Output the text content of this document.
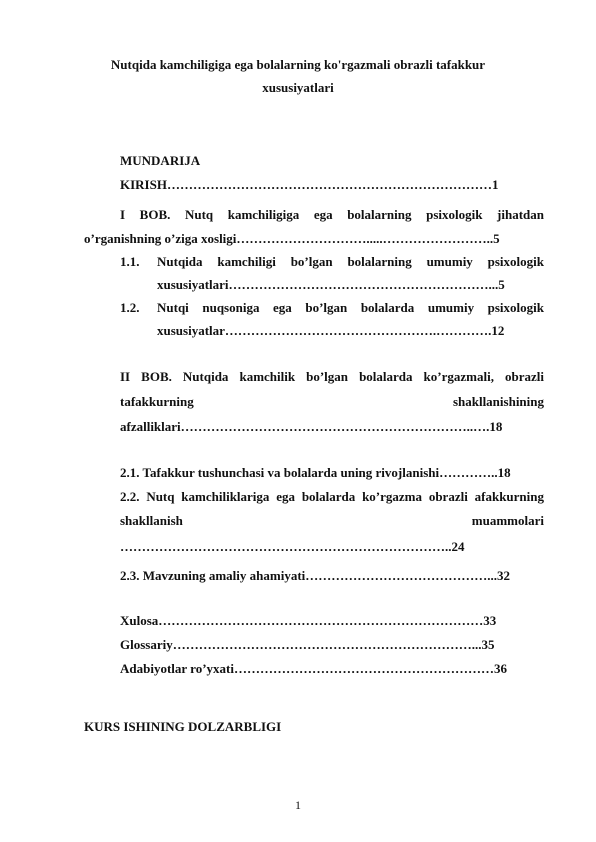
Nutqida kamchiligiga ega bolalarning ko'rgazmali obrazli tafakkur
xususiyatlari
MUNDARIJA
KIRISH…………………………………………………………………1
I BOB. Nutq kamchiligiga ega bolalarning psixologik jihatdan
o’rganishning o’ziga xosligi………………………….....……………………..5
1.1. Nutqida kamchiligi bo’lgan bolalarning umumiy psixologik
xususiyatlari……………………………………………………...5
1.2. Nutqi nuqsoniga ega bo’lgan bolalarda umumiy psixologik
xususiyatlar………………………………………….………….12
II BOB. Nutqida kamchilik bo’lgan bolalarda ko’rgazmali, obrazli
tafakkurning shakllanishining
afzalliklari…………………………………………………………..….18
2.1. Tafakkur tushunchasi va bolalarda uning rivojlanishi…………..18
2.2. Nutq kamchiliklariga ega bolalarda ko’rgazma obrazli afakkurning
shakllanish muammolari
…………………………………………………………………..24
2.3. Mavzuning amaliy ahamiyati……………………………………...32
Xulosa…………………………………………………………………33
Glossariy……………………………………………………………...35
Adabiyotlar ro’yxati……………………………………………………36
KURS ISHINING DOLZARBLIGI
1
